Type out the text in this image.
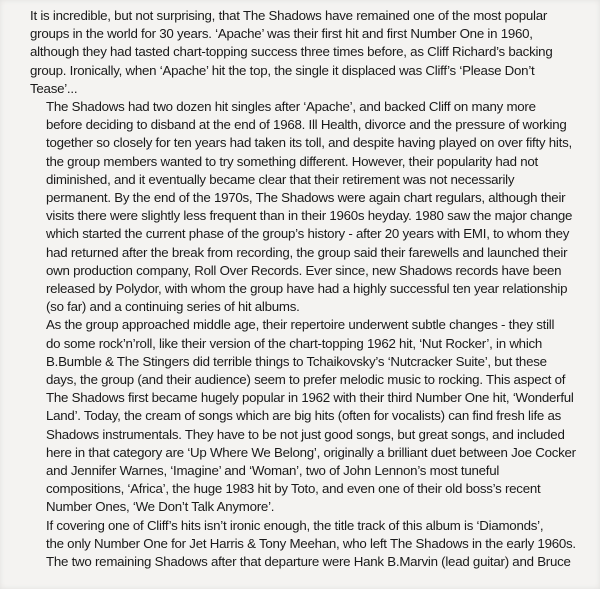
It is incredible, but not surprising, that The Shadows have remained one of the most popular
groups in the world for 30 years. ‘Apache’ was their first hit and first Number One in 1960,
although they had tasted chart-topping success three times before, as Cliff Richard’s backing
group. Ironically, when ‘Apache’ hit the top, the single it displaced was Cliff’s ‘Please Don’t
Tease’...

The Shadows had two dozen hit singles after ‘Apache’, and backed Cliff on many more
before deciding to disband at the end of 1968. Ill Health, divorce and the pressure of working
together so closely for ten years had taken its toll, and despite having played on over fifty hits,
the group members wanted to try something different. However, their popularity had not
diminished, and it eventually became clear that their retirement was not necessarily
permanent. By the end of the 1970s, The Shadows were again chart regulars, although their
visits there were slightly less frequent than in their 1960s heyday. 1980 saw the major change
which started the current phase of the group’s history - after 20 years with EMI, to whom they
had returned after the break from recording, the group said their farewells and launched their
own production company, Roll Over Records. Ever since, new Shadows records have been
released by Polydor, with whom the group have had a highly successful ten year relationship
(so far) and a continuing series of hit albums.

As the group approached middle age, their repertoire underwent subtle changes - they still
do some rock’n’roll, like their version of the chart-topping 1962 hit, ‘Nut Rocker’, in which
B.Bumble & The Stingers did terrible things to Tchaikovsky’s ‘Nutcracker Suite’, but these
days, the group (and their audience) seem to prefer melodic music to rocking. This aspect of
The Shadows first became hugely popular in 1962 with their third Number One hit, ‘Wonderful
Land’. Today, the cream of songs which are big hits (often for vocalists) can find fresh life as
Shadows instrumentals. They have to be not just good songs, but great songs, and included
here in that category are ‘Up Where We Belong’, originally a brilliant duet between Joe Cocker
and Jennifer Warnes, ‘Imagine’ and ‘Woman’, two of John Lennon’s most tuneful
compositions, ‘Africa’, the huge 1983 hit by Toto, and even one of their old boss’s recent
Number Ones, ‘We Don’t Talk Anymore’.

If covering one of Cliff’s hits isn’t ironic enough, the title track of this album is ‘Diamonds’,
the only Number One for Jet Harris & Tony Meehan, who left The Shadows in the early 1960s.
The two remaining Shadows after that departure were Hank B.Marvin (lead guitar) and Bruce
